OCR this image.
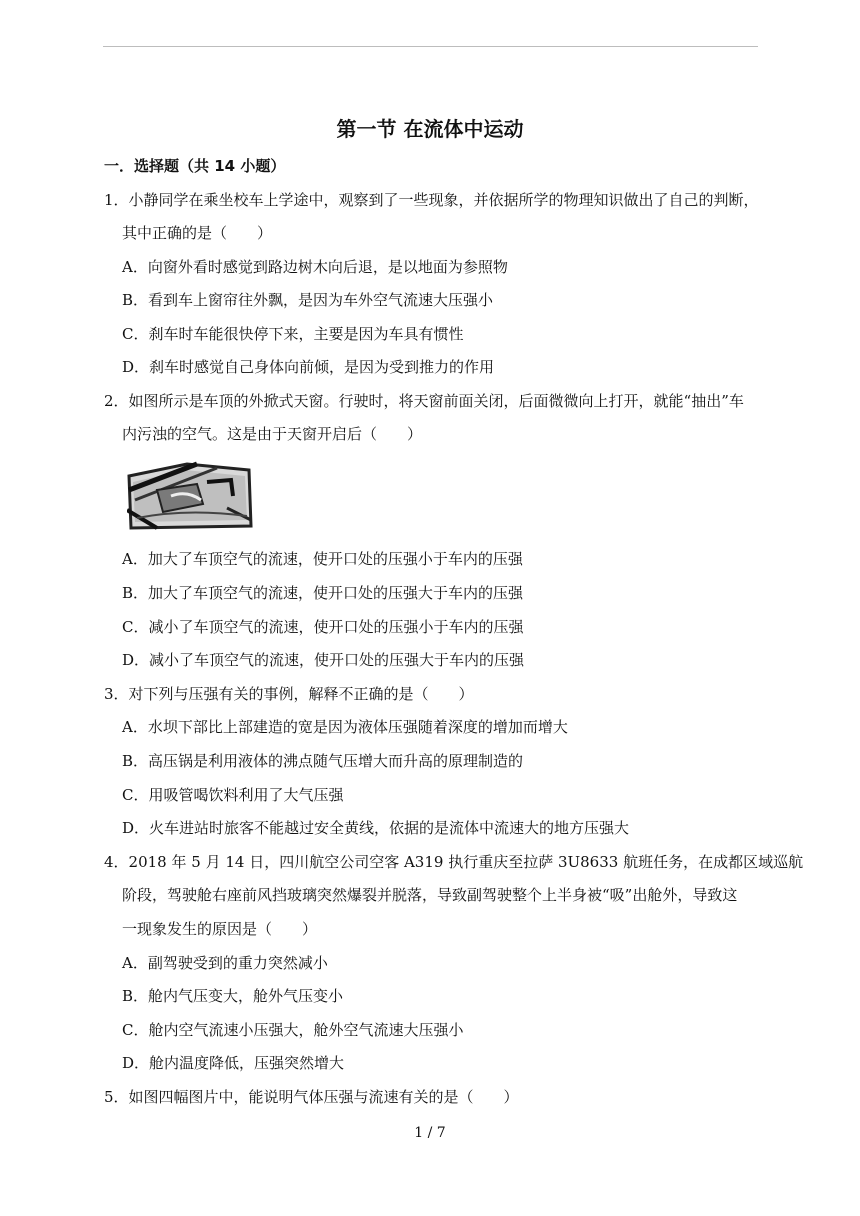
第一节 在流体中运动
一．选择题（共 14 小题）
1．小静同学在乘坐校车上学途中，观察到了一些现象，并依据所学的物理知识做出了自己的判断，
其中正确的是（　　）
A．向窗外看时感觉到路边树木向后退，是以地面为参照物
B．看到车上窗帘往外飘，是因为车外空气流速大压强小
C．刹车时车能很快停下来，主要是因为车具有惯性
D．刹车时感觉自己身体向前倾，是因为受到推力的作用
2．如图所示是车顶的外掀式天窗。行驶时，将天窗前面关闭，后面微微向上打开，就能“抽出”车
内污浊的空气。这是由于天窗开启后（　　）
A．加大了车顶空气的流速，使开口处的压强小于车内的压强
B．加大了车顶空气的流速，使开口处的压强大于车内的压强
C．减小了车顶空气的流速，使开口处的压强小于车内的压强
D．减小了车顶空气的流速，使开口处的压强大于车内的压强
3．对下列与压强有关的事例，解释不正确的是（　　）
A．水坝下部比上部建造的宽是因为液体压强随着深度的增加而增大
B．高压锅是利用液体的沸点随气压增大而升高的原理制造的
C．用吸管喝饮料利用了大气压强
D．火车进站时旅客不能越过安全黄线，依据的是流体中流速大的地方压强大
4．2018 年 5 月 14 日，四川航空公司空客 A319 执行重庆至拉萨 3U8633 航班任务，在成都区域巡航
阶段，驾驶舱右座前风挡玻璃突然爆裂并脱落，导致副驾驶整个上半身被“吸”出舱外，导致这
一现象发生的原因是（　　）
A．副驾驶受到的重力突然减小
B．舱内气压变大，舱外气压变小
C．舱内空气流速小压强大，舱外空气流速大压强小
D．舱内温度降低，压强突然增大
5．如图四幅图片中，能说明气体压强与流速有关的是（　　）
1 / 7
